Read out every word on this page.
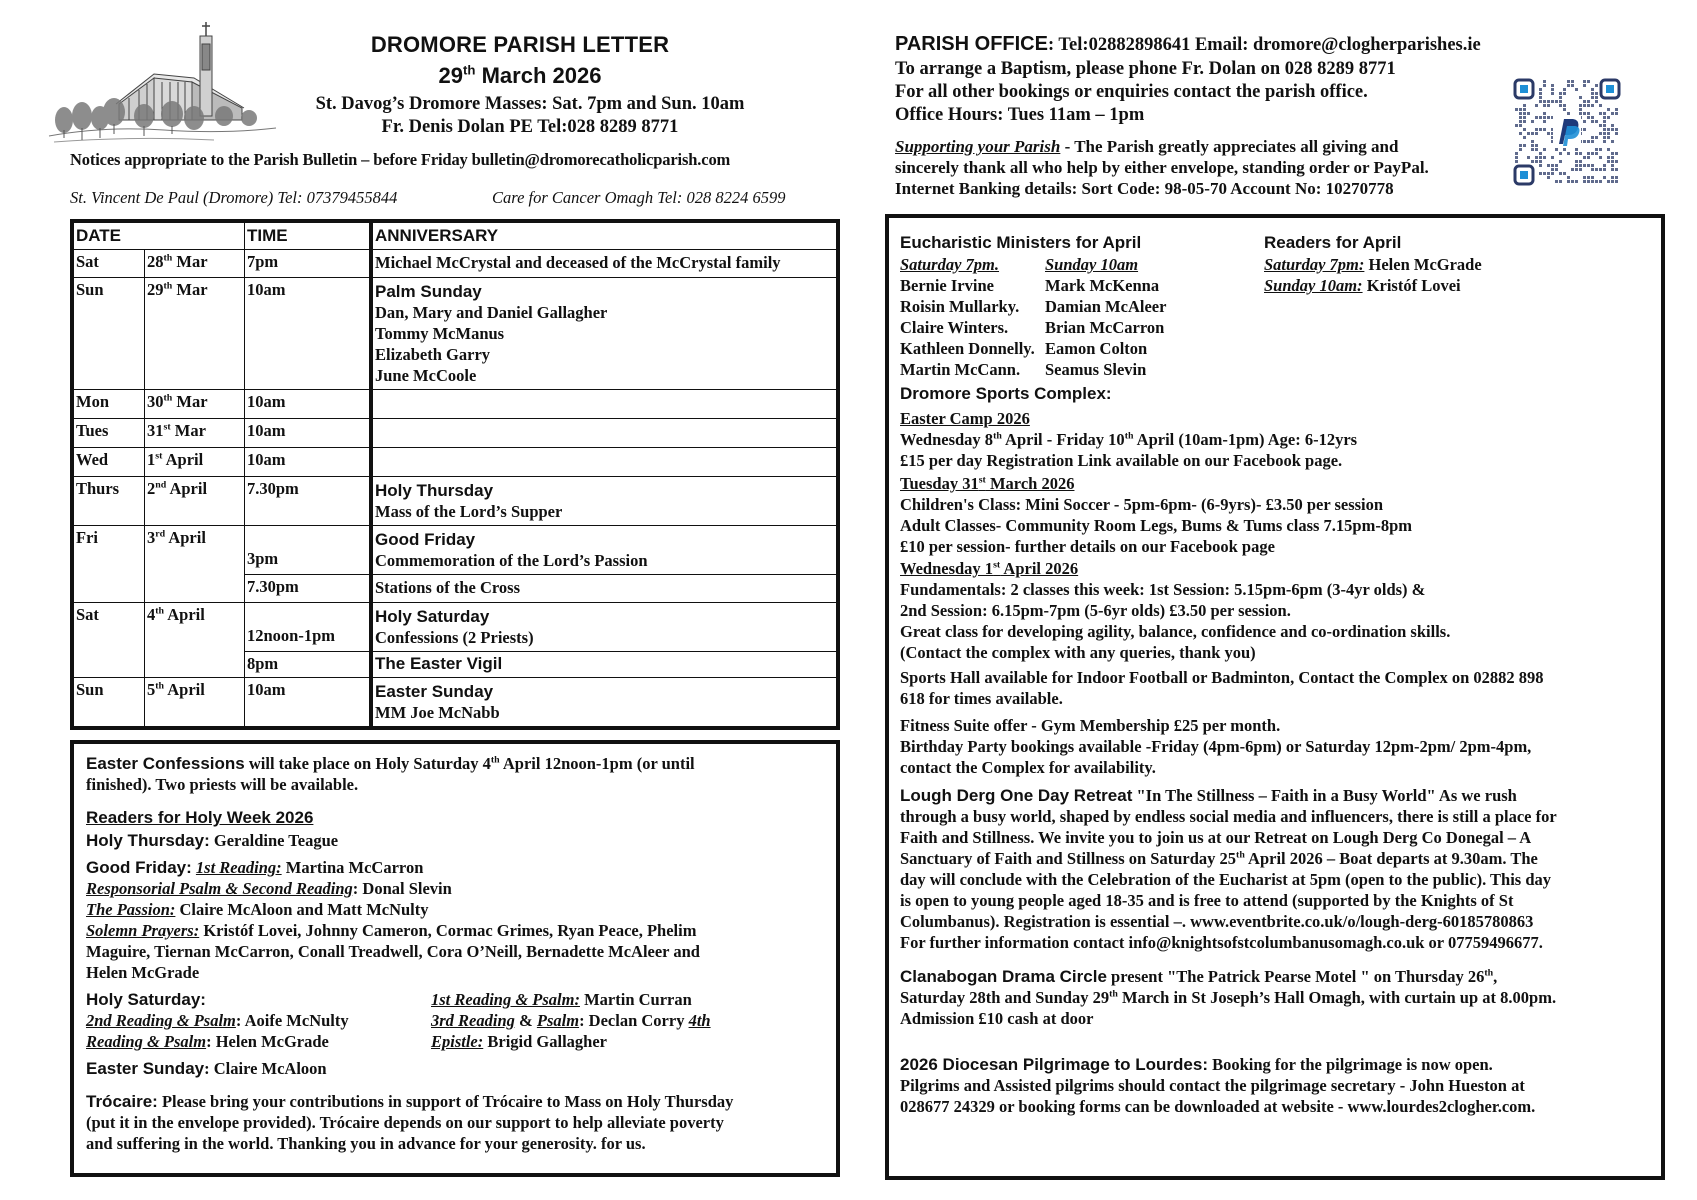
DROMORE PARISH LETTER
29th March 2026
St. Davog’s Dromore Masses: Sat. 7pm and Sun. 10am
Fr. Denis Dolan PE Tel:028 8289 8771
Notices appropriate to the Parish Bulletin – before Friday bulletin@dromorecatholicparish.com
St. Vincent De Paul (Dromore) Tel: 07379455844	Care for Cancer Omagh Tel: 028 8224 6599
DATE		TIME	ANNIVERSARY
Sat	28th Mar	7pm	Michael McCrystal and deceased of the McCrystal family

Sun	29th Mar	10am	Palm Sunday
Dan, Mary and Daniel Gallagher
Tommy McManus
Elizabeth Garry
June McCoole

Mon	30th Mar	10am	
Tues	31st Mar	10am	
Wed	1st April	10am	
Thurs	2nd April	7.30pm	Holy Thursday
Mass of the Lord’s Supper

Fri	3rd April	3pm	Good Friday
Commemoration of the Lord’s Passion

		7.30pm	Stations of the Cross

Sat	4th April	12noon-1pm	Holy Saturday
Confessions (2 Priests)

		8pm	The Easter Vigil

Sun	5th April	10am	Easter Sunday
MM Joe McNabb
Easter Confessions will take place on Holy Saturday 4th April 12noon-1pm (or until
finished). Two priests will be available.
Readers for Holy Week 2026
Holy Thursday: Geraldine Teague
Good Friday: 1st Reading: Martina McCarron
Responsorial Psalm & Second Reading: Donal Slevin
The Passion: Claire McAloon and Matt McNulty
Solemn Prayers: Kristóf Lovei, Johnny Cameron, Cormac Grimes, Ryan Peace, Phelim
Maguire, Tiernan McCarron, Conall Treadwell, Cora O’Neill, Bernadette McAleer and
Helen McGrade
Holy Saturday:	1st Reading & Psalm: Martin Curran
2nd Reading & Psalm: Aoife McNulty	3rd Reading & Psalm: Declan Corry 4th
Reading & Psalm: Helen McGrade	Epistle: Brigid Gallagher
Easter Sunday: Claire McAloon
Trócaire: Please bring your contributions in support of Trócaire to Mass on Holy Thursday
(put it in the envelope provided). Trócaire depends on our support to help alleviate poverty
and suffering in the world. Thanking you in advance for your generosity. for us.
PARISH OFFICE: Tel:02882898641 Email: dromore@clogherparishes.ie
To arrange a Baptism, please phone Fr. Dolan on 028 8289 8771
For all other bookings or enquiries contact the parish office.
Office Hours: Tues 11am – 1pm
Supporting your Parish - The Parish greatly appreciates all giving and
sincerely thank all who help by either envelope, standing order or PayPal.
Internet Banking details: Sort Code: 98-05-70 Account No: 10270778
Eucharistic Ministers for April
Saturday 7pm.
Bernie Irvine
Roisin Mullarky.
Claire Winters.
Kathleen Donnelly.
Martin McCann.
Sunday 10am
Mark McKenna
Damian McAleer
Brian McCarron
Eamon Colton
Seamus Slevin
Readers for April
Saturday 7pm: Helen McGrade
Sunday 10am: Kristóf Lovei
Dromore Sports Complex:
Easter Camp 2026
Wednesday 8th April - Friday 10th April (10am-1pm) Age: 6-12yrs
£15 per day Registration Link available on our Facebook page.
Tuesday 31st March 2026
Children's Class: Mini Soccer - 5pm-6pm- (6-9yrs)- £3.50 per session
Adult Classes- Community Room Legs, Bums & Tums class 7.15pm-8pm
£10 per session- further details on our Facebook page
Wednesday 1st April 2026
Fundamentals: 2 classes this week: 1st Session: 5.15pm-6pm (3-4yr olds) &
2nd Session: 6.15pm-7pm (5-6yr olds) £3.50 per session.
Great class for developing agility, balance, confidence and co-ordination skills.
(Contact the complex with any queries, thank you)
Sports Hall available for Indoor Football or Badminton, Contact the Complex on 02882 898
618 for times available.
Fitness Suite offer - Gym Membership £25 per month.
Birthday Party bookings available -Friday (4pm-6pm) or Saturday 12pm-2pm/ 2pm-4pm,
contact the Complex for availability.
Lough Derg One Day Retreat "In The Stillness – Faith in a Busy World" As we rush
through a busy world, shaped by endless social media and influencers, there is still a place for
Faith and Stillness. We invite you to join us at our Retreat on Lough Derg Co Donegal – A
Sanctuary of Faith and Stillness on Saturday 25th April 2026 – Boat departs at 9.30am. The
day will conclude with the Celebration of the Eucharist at 5pm (open to the public). This day
is open to young people aged 18-35 and is free to attend (supported by the Knights of St
Columbanus). Registration is essential –. www.eventbrite.co.uk/o/lough-derg-60185780863
For further information contact info@knightsofstcolumbanusomagh.co.uk or 07759496677.
Clanabogan Drama Circle present "The Patrick Pearse Motel " on Thursday 26th,
Saturday 28th and Sunday 29th March in St Joseph’s Hall Omagh, with curtain up at 8.00pm.
Admission £10 cash at door
2026 Diocesan Pilgrimage to Lourdes: Booking for the pilgrimage is now open.
Pilgrims and Assisted pilgrims should contact the pilgrimage secretary - John Hueston at
028677 24329 or booking forms can be downloaded at website - www.lourdes2clogher.com.
